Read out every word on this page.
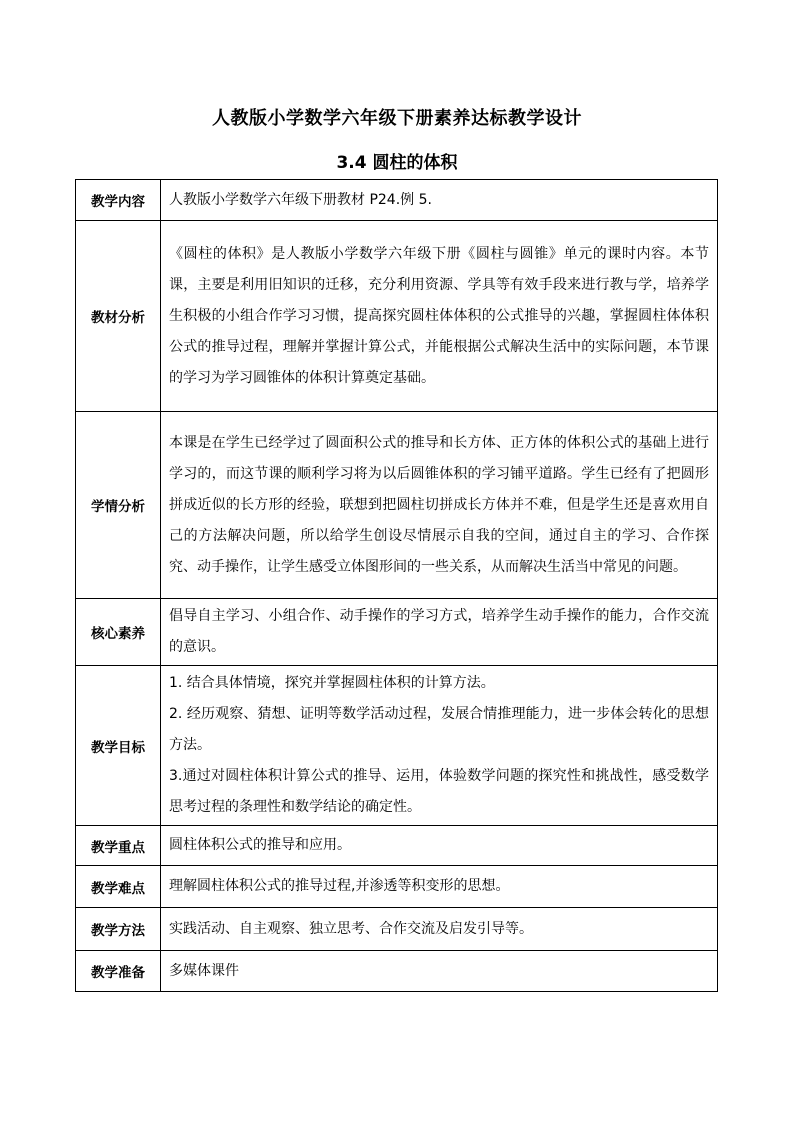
人教版小学数学六年级下册素养达标教学设计
3.4 圆柱的体积
教学内容	人教版小学数学六年级下册教材 P24.例 5.

教材分析	《圆柱的体积》是人教版小学数学六年级下册《圆柱与圆锥》单元的课时内容。本节课，主要是利用旧知识的迁移，充分利用资源、学具等有效手段来进行教与学，培养学生积极的小组合作学习习惯，提高探究圆柱体体积的公式推导的兴趣，掌握圆柱体体积公式的推导过程，理解并掌握计算公式，并能根据公式解决生活中的实际问题，本节课的学习为学习圆锥体的体积计算奠定基础。

学情分析	本课是在学生已经学过了圆面积公式的推导和长方体、正方体的体积公式的基础上进行学习的，而这节课的顺利学习将为以后圆锥体积的学习铺平道路。学生已经有了把圆形拼成近似的长方形的经验，联想到把圆柱切拼成长方体并不难，但是学生还是喜欢用自己的方法解决问题，所以给学生创设尽情展示自我的空间，通过自主的学习、合作探究、动手操作，让学生感受立体图形间的一些关系，从而解决生活当中常见的问题。

核心素养	倡导自主学习、小组合作、动手操作的学习方式，培养学生动手操作的能力，合作交流的意识。

教学目标	1. 结合具体情境，探究并掌握圆柱体积的计算方法。

2. 经历观察、猜想、证明等数学活动过程，发展合情推理能力，进一步体会转化的思想方法。

3.通过对圆柱体积计算公式的推导、运用，体验数学问题的探究性和挑战性，感受数学思考过程的条理性和数学结论的确定性。

教学重点	圆柱体积公式的推导和应用。

教学难点	理解圆柱体积公式的推导过程,并渗透等积变形的思想。

教学方法	实践活动、自主观察、独立思考、合作交流及启发引导等。

教学准备	多媒体课件
